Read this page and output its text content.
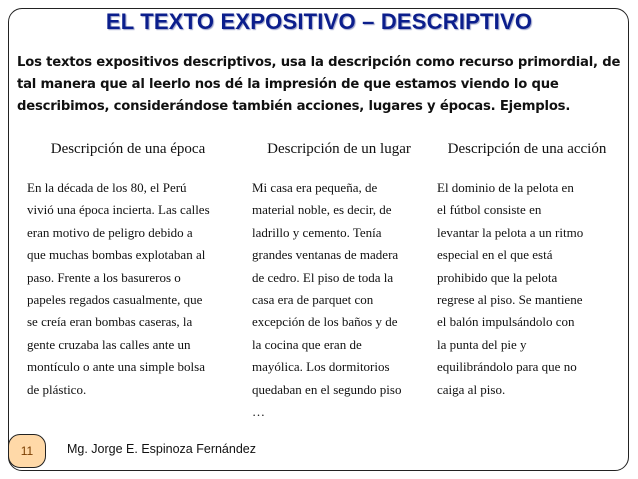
EL TEXTO EXPOSITIVO – DESCRIPTIVO
Los textos expositivos descriptivos, usa la descripción como recurso primordial, de tal manera que al leerlo nos dé la impresión de que estamos viendo lo que describimos, considerándose también acciones, lugares y épocas. Ejemplos.
Descripción de una época	Descripción de un lugar	Descripción de una acción
En la década de los 80, el Perú
vivió una época incierta. Las calles
eran motivo de peligro debido a
que muchas bombas explotaban al
paso. Frente a los basureros o
papeles regados casualmente, que
se creía eran bombas caseras, la
gente cruzaba las calles ante un
montículo o ante una simple bolsa
de plástico.
Mi casa era pequeña, de
material noble, es decir, de
ladrillo y cemento. Tenía
grandes ventanas de madera
de cedro. El piso de toda la
casa era de parquet con
excepción de los baños y de
la cocina que eran de
mayólica. Los dormitorios
quedaban en el segundo piso
…
El dominio de la pelota en
el fútbol consiste en
levantar la pelota a un ritmo
especial en el que está
prohibido que la pelota
regrese al piso. Se mantiene
el balón impulsándolo con
la punta del pie y
equilibrándolo para que no
caiga al piso.
11	Mg. Jorge E. Espinoza Fernández
